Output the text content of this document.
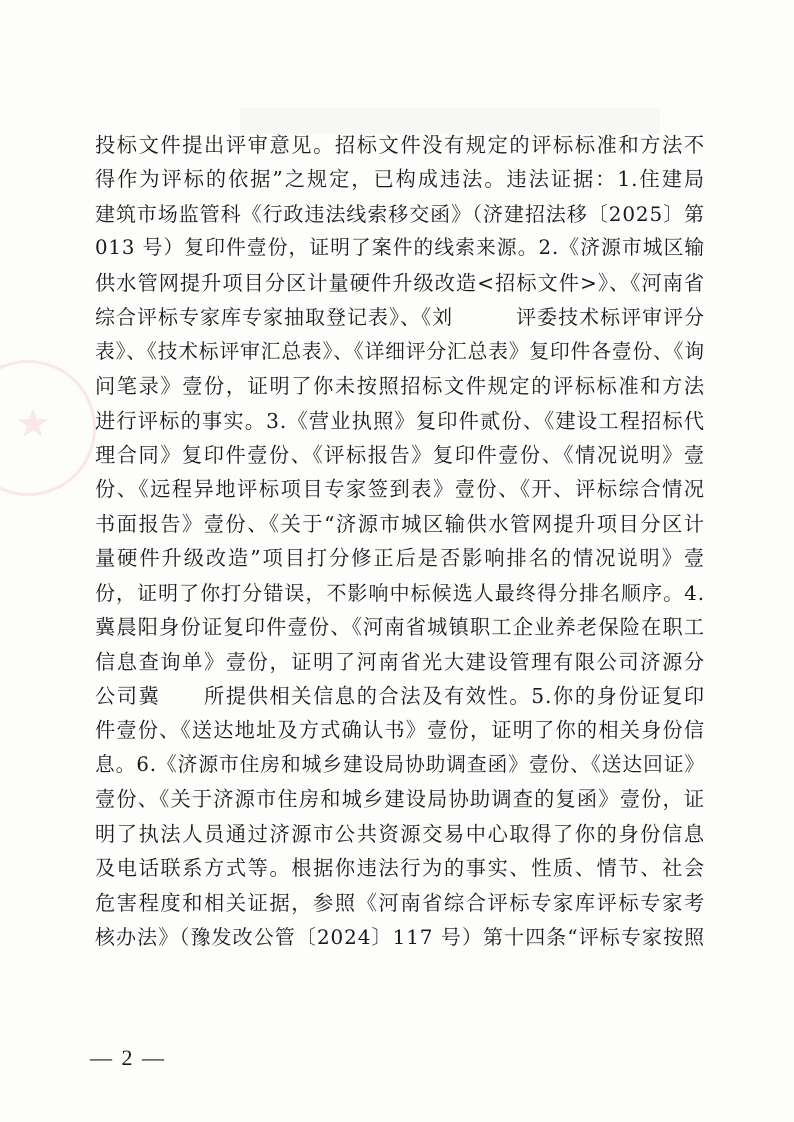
★
投标文件提出评审意见。招标文件没有规定的评标标准和方法不
得作为评标的依据”之规定，已构成违法。违法证据：1.住建局
建筑市场监管科《行政违法线索移交函》（济建招法移〔2025〕第
013 号）复印件壹份，证明了案件的线索来源。2.《济源市城区输
供水管网提升项目分区计量硬件升级改造<招标文件>》、《河南省
综合评标专家库专家抽取登记表》、《刘　　　评委技术标评审评分
表》、《技术标评审汇总表》、《详细评分汇总表》复印件各壹份、《询
问笔录》壹份，证明了你未按照招标文件规定的评标标准和方法
进行评标的事实。3.《营业执照》复印件贰份、《建设工程招标代
理合同》复印件壹份、《评标报告》复印件壹份、《情况说明》壹
份、《远程异地评标项目专家签到表》壹份、《开、评标综合情况
书面报告》壹份、《关于“济源市城区输供水管网提升项目分区计
量硬件升级改造”项目打分修正后是否影响排名的情况说明》壹
份，证明了你打分错误，不影响中标候选人最终得分排名顺序。4.
冀晨阳身份证复印件壹份、《河南省城镇职工企业养老保险在职工
信息查询单》壹份，证明了河南省光大建设管理有限公司济源分
公司冀　　所提供相关信息的合法及有效性。5.你的身份证复印
件壹份、《送达地址及方式确认书》壹份，证明了你的相关身份信
息。6.《济源市住房和城乡建设局协助调查函》壹份、《送达回证》
壹份、《关于济源市住房和城乡建设局协助调查的复函》壹份，证
明了执法人员通过济源市公共资源交易中心取得了你的身份信息
及电话联系方式等。根据你违法行为的事实、性质、情节、社会
危害程度和相关证据，参照《河南省综合评标专家库评标专家考
核办法》（豫发改公管〔2024〕117 号）第十四条“评标专家按照
— 2 —
